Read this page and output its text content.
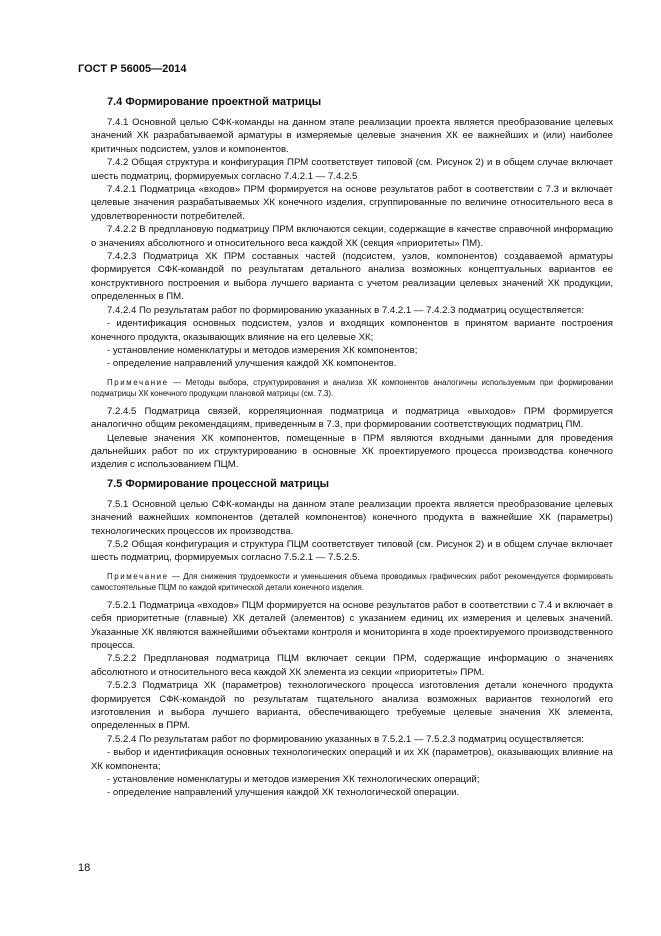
ГОСТ Р 56005—2014
7.4 Формирование проектной матрицы

7.4.1 Основной целью СФК-команды на данном этапе реализации проекта является преобразование целевых значений ХК разрабатываемой арматуры в измеряемые целевые значения ХК ее важнейших и (или) наиболее критичных подсистем, узлов и компонентов.

7.4.2 Общая структура и конфигурация ПРМ соответствует типовой (см. Рисунок 2) и в общем случае включает шесть подматриц, формируемых согласно 7.4.2.1 — 7.4.2.5

7.4.2.1 Подматрица «входов» ПРМ формируется на основе результатов работ в соответствии с 7.3 и включает целевые значения разрабатываемых ХК конечного изделия, сгруппированные по величине относительного веса в удовлетворенности потребителей.

7.4.2.2 В предплановую подматрицу ПРМ включаются секции, содержащие в качестве справочной информацию о значениях абсолютного и относительного веса каждой ХК (секция «приоритеты» ПМ).

7.4.2.3 Подматрица ХК ПРМ составных частей (подсистем, узлов, компонентов) создаваемой арматуры формируется СФК-командой по результатам детального анализа возможных концептуальных вариантов ее конструктивного построения и выбора лучшего варианта с учетом реализации целевых значений ХК продукции, определенных в ПМ.

7.4.2.4 По результатам работ по формированию указанных в 7.4.2.1 — 7.4.2.3 подматриц осуществляется:

- идентификация основных подсистем, узлов и входящих компонентов в принятом варианте построения конечного продукта, оказывающих влияние на его целевые ХК;

- установление номенклатуры и методов измерения ХК компонентов;

- определение направлений улучшения каждой ХК компонентов.

Примечание — Методы выбора, структурирования и анализа ХК компонентов аналогичны используемым при формировании подматрицы ХК конечного продукции плановой матрицы (см. 7.3).

7.2.4.5 Подматрица связей, корреляционная подматрица и подматрица «выходов» ПРМ формируется аналогично общим рекомендациям, приведенным в 7.3, при формировании соответствующих подматриц ПМ.

Целевые значения ХК компонентов, помещенные в ПРМ являются входными данными для проведения дальнейших работ по их структурированию в основные ХК проектируемого процесса производства конечного изделия с использованием ПЦМ.

7.5 Формирование процессной матрицы

7.5.1 Основной целью СФК-команды на данном этапе реализации проекта является преобразование целевых значений важнейших компонентов (деталей компонентов) конечного продукта в важнейшие ХК (параметры) технологических процессов их производства.

7.5.2 Общая конфигурация и структура ПЦМ соответствует типовой (см. Рисунок 2) и в общем случае включает шесть подматриц, формируемых согласно 7.5.2.1 — 7.5.2.5.

Примечание — Для снижения трудоемкости и уменьшения объема проводимых графических работ рекомендуется формировать самостоятельные ПЦМ по каждой критической детали конечного изделия.

7.5.2.1 Подматрица «входов» ПЦМ формируется на основе результатов работ в соответствии с 7.4 и включает в себя приоритетные (главные) ХК деталей (элементов) с указанием единиц их измерения и целевых значений. Указанные ХК являются важнейшими объектами контроля и мониторинга в ходе проектируемого производственного процесса.

7.5.2.2 Предплановая подматрица ПЦМ включает секции ПРМ, содержащие информацию о значениях абсолютного и относительного веса каждой ХК элемента из секции «приоритеты» ПРМ.

7.5.2.3 Подматрица ХК (параметров) технологического процесса изготовления детали конечного продукта формируется СФК-командой по результатам тщательного анализа возможных вариантов технологий его изготовления и выбора лучшего варианта, обеспечивающего требуемые целевые значения ХК элемента, определенных в ПРМ.

7.5.2.4 По результатам работ по формированию указанных в 7.5.2.1 — 7.5.2.3 подматриц осуществляется:

- выбор и идентификация основных технологических операций и их ХК (параметров), оказывающих влияние на ХК компонента;

- установление номенклатуры и методов измерения ХК технологических операций;

- определение направлений улучшения каждой ХК технологической операции.

18
